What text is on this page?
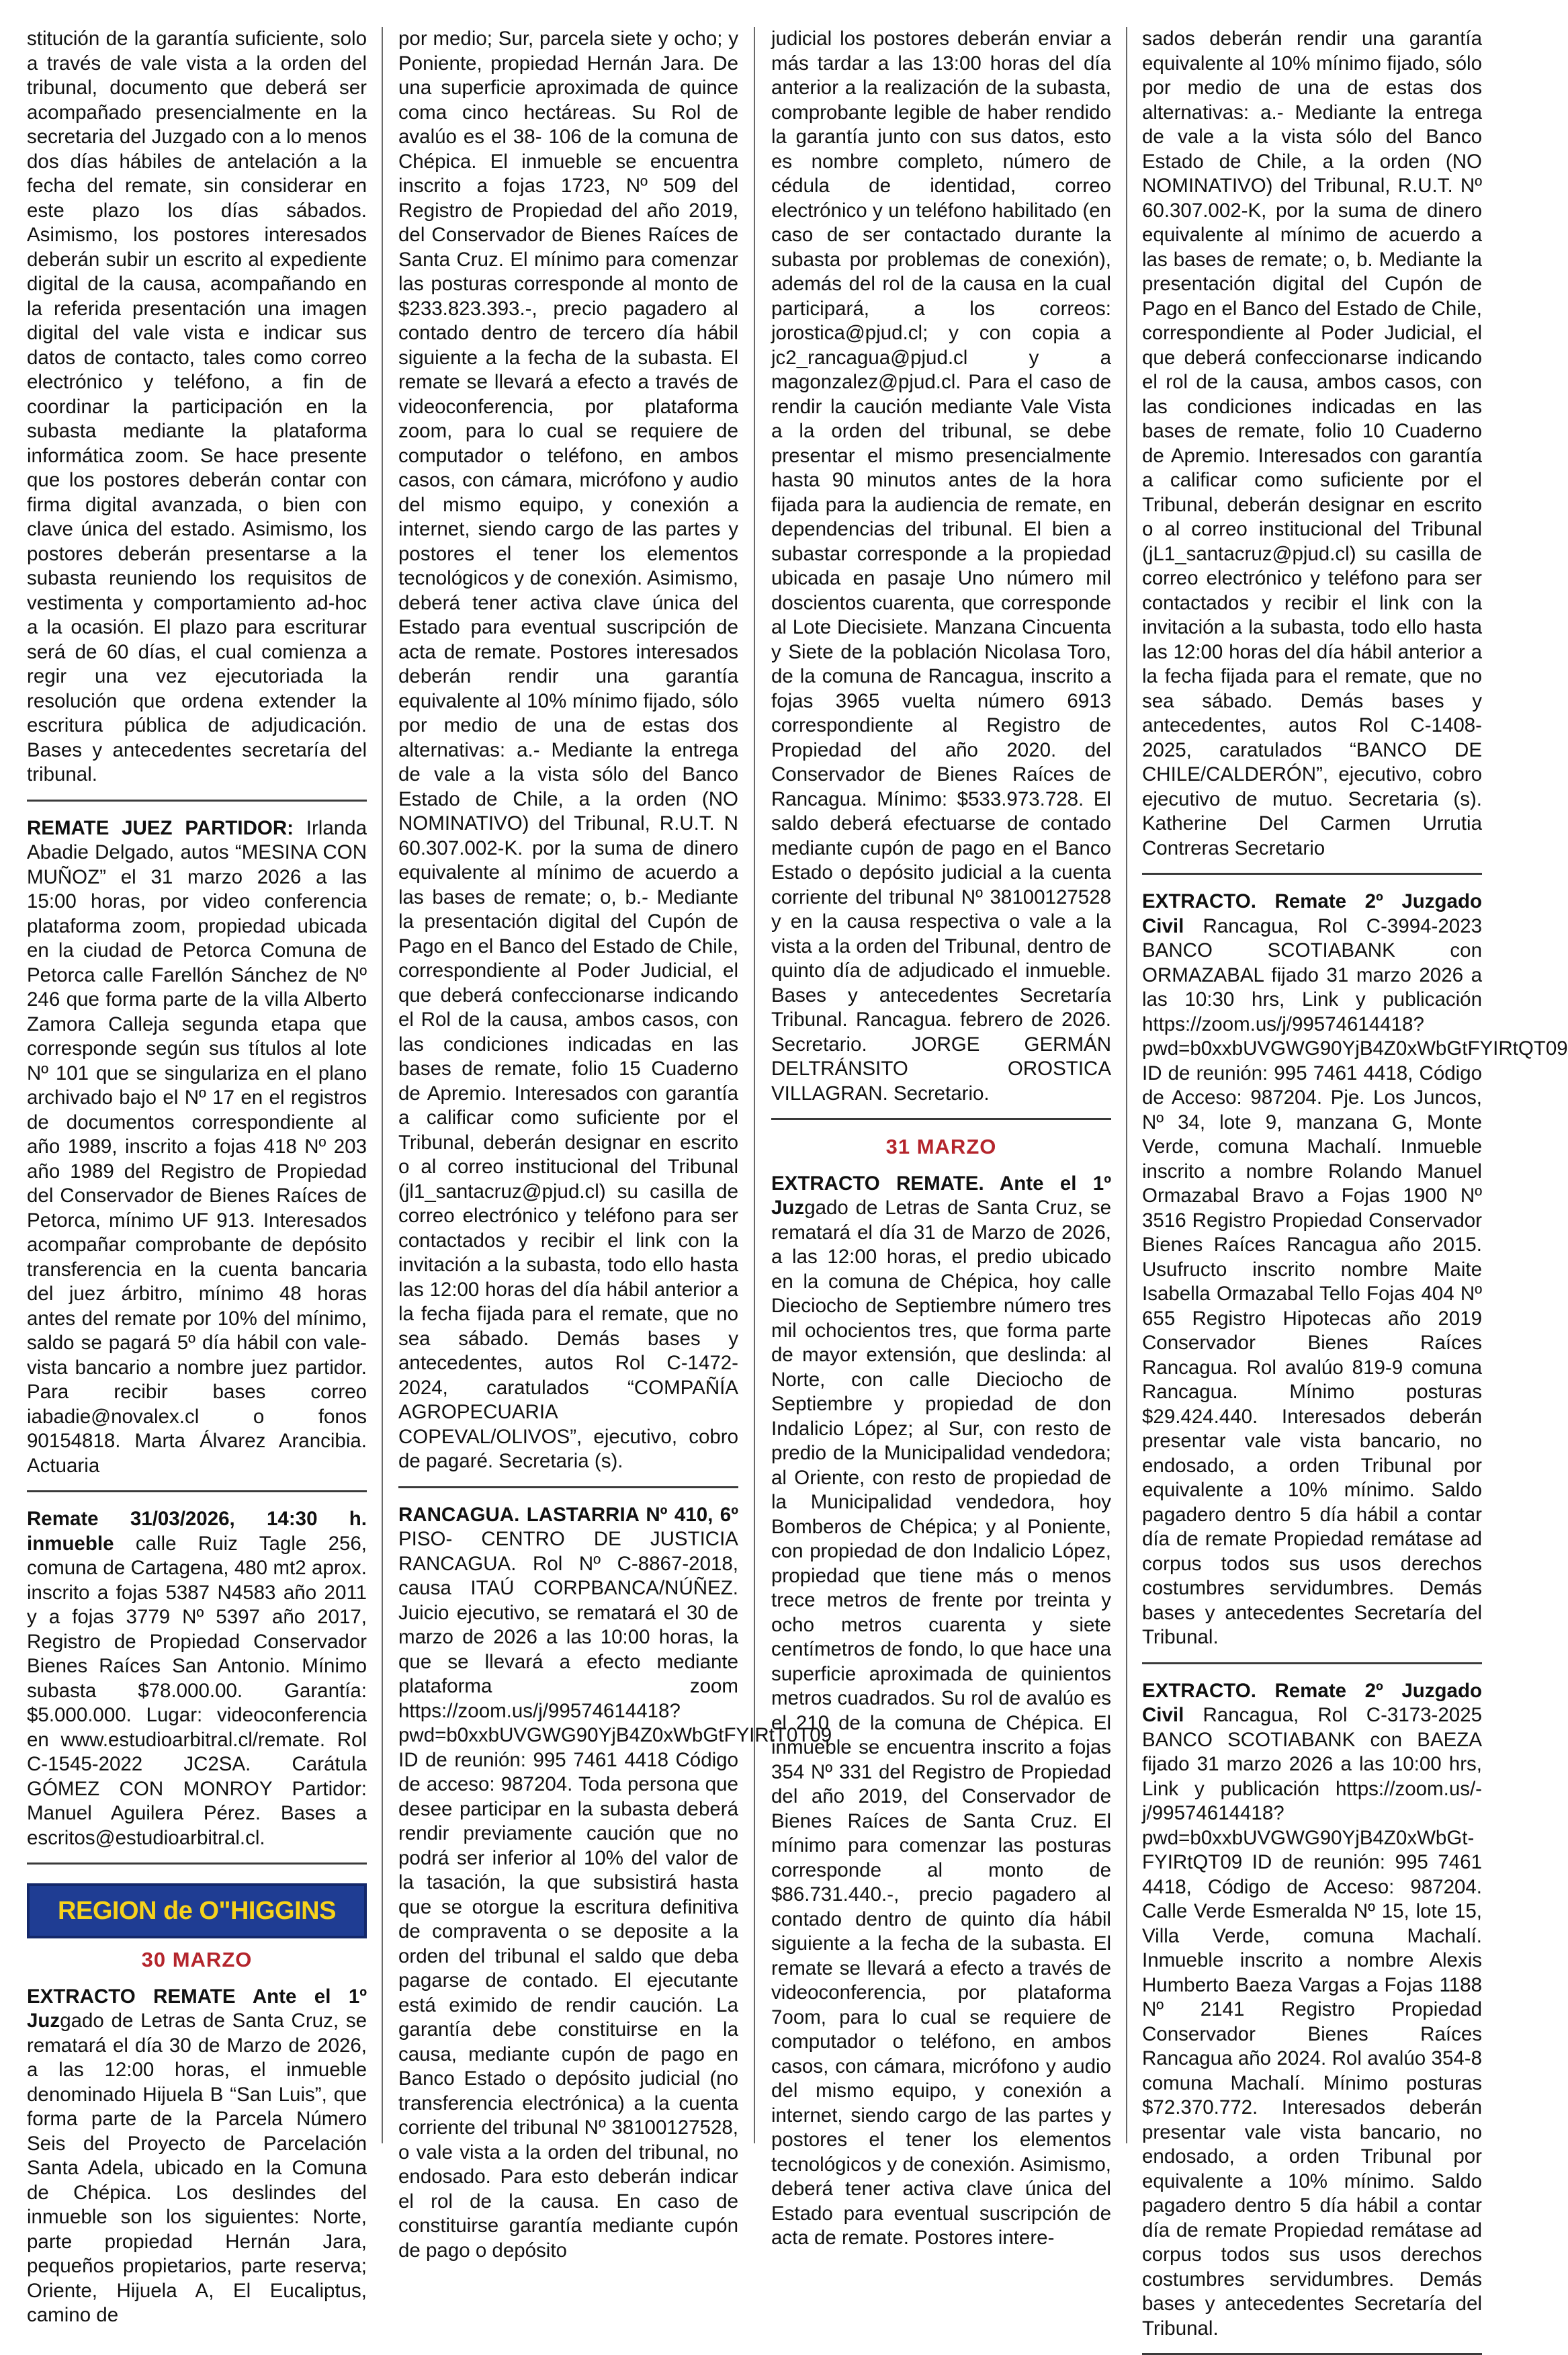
stitución de la garantía suficiente, solo a través de vale vista a la orden del tribunal, documento que deberá ser acompañado presencialmente en la secretaria del Juzgado con a lo menos dos días hábiles de antelación a la fecha del remate, sin considerar en este plazo los días sábados. Asimismo, los postores interesados deberán subir un escrito al expediente digital de la causa, acompañando en la referida presentación una imagen digital del vale vista e indicar sus datos de contacto, tales como correo electrónico y teléfono, a fin de coordinar la participación en la subasta mediante la plataforma informática zoom. Se hace presente que los postores deberán contar con firma digital avanzada, o bien con clave única del estado. Asimismo, los postores deberán presentarse a la subasta reuniendo los requisitos de vestimenta y comportamiento ad-hoc a la ocasión. El plazo para escriturar será de 60 días, el cual comienza a regir una vez ejecutoriada la resolución que ordena extender la escritura pública de adjudicación. Bases y antecedentes secretaría del tribunal.

REMATE JUEZ PARTIDOR: Irlanda Abadie Delgado, autos “MESINA CON MUÑOZ” el 31 marzo 2026 a las 15:00 horas, por video conferencia plataforma zoom, propiedad ubicada en la ciudad de Petorca Comuna de Petorca calle Farellón Sánchez de Nº 246 que forma parte de la villa Alberto Zamora Calleja segunda etapa que corresponde según sus títulos al lote Nº 101 que se singulariza en el plano archivado bajo el Nº 17 en el registros de documentos correspondiente al año 1989, inscrito a fojas 418 Nº 203 año 1989 del Registro de Propiedad del Conservador de Bienes Raíces de Petorca, mínimo UF 913. Interesados acompañar comprobante de depósito transferencia en la cuenta bancaria del juez árbitro, mínimo 48 horas antes del remate por 10% del mínimo, saldo se pagará 5º día hábil con vale-vista bancario a nombre juez partidor. Para recibir bases correo iabadie@novalex.cl o fonos 90154818. Marta Álvarez Arancibia. Actuaria

Remate 31/03/2026, 14:30 h. inmueble calle Ruiz Tagle 256, comuna de Cartagena, 480 mt2 aprox. inscrito a fojas 5387 N4583 año 2011 y a fojas 3779 Nº 5397 año 2017, Registro de Propiedad Conservador Bienes Raíces San Antonio. Mínimo subasta $78.000.00. Garantía: $5.000.000. Lugar: videoconferencia en www.estudioarbitral.cl/remate. Rol C-1545-2022 JC2SA. Carátula GÓMEZ CON MONROY Partidor: Manuel Aguilera Pérez. Bases a escritos@estudioarbitral.cl.

REGION de O"HIGGINS
30 MARZO

EXTRACTO REMATE Ante el 1º Juzgado de Letras de Santa Cruz, se rematará el día 30 de Marzo de 2026, a las 12:00 horas, el inmueble denominado Hijuela B “San Luis”, que forma parte de la Parcela Número Seis del Proyecto de Parcelación Santa Adela, ubicado en la Comuna de Chépica. Los deslindes del inmueble son los siguientes: Norte, parte propiedad Hernán Jara, pequeños propietarios, parte reserva; Oriente, Hijuela A, El Eucaliptus, camino de

por medio; Sur, parcela siete y ocho; y Poniente, propiedad Hernán Jara. De una superficie aproximada de quince coma cinco hectáreas. Su Rol de avalúo es el 38- 106 de la comuna de Chépica. El inmueble se encuentra inscrito a fojas 1723, Nº 509 del Registro de Propiedad del año 2019, del Conservador de Bienes Raíces de Santa Cruz. El mínimo para comenzar las posturas corresponde al monto de $233.823.393.-, precio pagadero al contado dentro de tercero día hábil siguiente a la fecha de la subasta. El remate se llevará a efecto a través de videoconferencia, por plataforma zoom, para lo cual se requiere de computador o teléfono, en ambos casos, con cámara, micrófono y audio del mismo equipo, y conexión a internet, siendo cargo de las partes y postores el tener los elementos tecnológicos y de conexión. Asimismo, deberá tener activa clave única del Estado para eventual suscripción de acta de remate. Postores interesados deberán rendir una garantía equivalente al 10% mínimo fijado, sólo por medio de una de estas dos alternativas: a.- Mediante la entrega de vale a la vista sólo del Banco Estado de Chile, a la orden (NO NOMINATIVO) del Tribunal, R.U.T. N 60.307.002-K. por la suma de dinero equivalente al mínimo de acuerdo a las bases de remate; o, b.- Mediante la presentación digital del Cupón de Pago en el Banco del Estado de Chile, correspondiente al Poder Judicial, el que deberá confeccionarse indicando el Rol de la causa, ambos casos, con las condiciones indicadas en las bases de remate, folio 15 Cuaderno de Apremio. Interesados con garantía a calificar como suficiente por el Tribunal, deberán designar en escrito o al correo institucional del Tribunal (jl1_santacruz@pjud.cl) su casilla de correo electrónico y teléfono para ser contactados y recibir el link con la invitación a la subasta, todo ello hasta las 12:00 horas del día hábil anterior a la fecha fijada para el remate, que no sea sábado. Demás bases y antecedentes, autos Rol C-1472-2024, caratulados “COMPAÑÍA AGROPECUARIA COPEVAL/OLIVOS”, ejecutivo, cobro de pagaré. Secretaria (s).

RANCAGUA. LASTARRIA Nº 410, 6º PISO- CENTRO DE JUSTICIA RANCAGUA. Rol Nº C-8867-2018, causa ITAÚ CORPBANCA/NÚÑEZ. Juicio ejecutivo, se rematará el 30 de marzo de 2026 a las 10:00 horas, la que se llevará a efecto mediante plataforma zoom https://zoom.us/j/99574614418?pwd=b0xxbUVGWG90YjB4Z0xWbGtFYIRtT0T09 ID de reunión: 995 7461 4418 Código de acceso: 987204. Toda persona que desee participar en la subasta deberá rendir previamente caución que no podrá ser inferior al 10% del valor de la tasación, la que subsistirá hasta que se otorgue la escritura definitiva de compraventa o se deposite a la orden del tribunal el saldo que deba pagarse de contado. El ejecutante está eximido de rendir caución. La garantía debe constituirse en la causa, mediante cupón de pago en Banco Estado o depósito judicial (no transferencia electrónica) a la cuenta corriente del tribunal Nº 38100127528, o vale vista a la orden del tribunal, no endosado. Para esto deberán indicar el rol de la causa. En caso de constituirse garantía mediante cupón de pago o depósito

judicial los postores deberán enviar a más tardar a las 13:00 horas del día anterior a la realización de la subasta, comprobante legible de haber rendido la garantía junto con sus datos, esto es nombre completo, número de cédula de identidad, correo electrónico y un teléfono habilitado (en caso de ser contactado durante la subasta por problemas de conexión), además del rol de la causa en la cual participará, a los correos: jorostica@pjud.cl; y con copia a jc2_rancagua@pjud.cl y a magonzalez@pjud.cl. Para el caso de rendir la caución mediante Vale Vista a la orden del tribunal, se debe presentar el mismo presencialmente hasta 90 minutos antes de la hora fijada para la audiencia de remate, en dependencias del tribunal. El bien a subastar corresponde a la propiedad ubicada en pasaje Uno número mil doscientos cuarenta, que corresponde al Lote Diecisiete. Manzana Cincuenta y Siete de la población Nicolasa Toro, de la comuna de Rancagua, inscrito a fojas 3965 vuelta número 6913 correspondiente al Registro de Propiedad del año 2020. del Conservador de Bienes Raíces de Rancagua. Mínimo: $533.973.728. El saldo deberá efectuarse de contado mediante cupón de pago en el Banco Estado o depósito judicial a la cuenta corriente del tribunal Nº 38100127528 y en la causa respectiva o vale a la vista a la orden del Tribunal, dentro de quinto día de adjudicado el inmueble. Bases y antecedentes Secretaría Tribunal. Rancagua. febrero de 2026. Secretario. JORGE GERMÁN DELTRÁNSITO OROSTICA VILLAGRAN. Secretario.

31 MARZO

EXTRACTO REMATE. Ante el 1º Juzgado de Letras de Santa Cruz, se rematará el día 31 de Marzo de 2026, a las 12:00 horas, el predio ubicado en la comuna de Chépica, hoy calle Dieciocho de Septiembre número tres mil ochocientos tres, que forma parte de mayor extensión, que deslinda: al Norte, con calle Dieciocho de Septiembre y propiedad de don Indalicio López; al Sur, con resto de predio de la Municipalidad vendedora; al Oriente, con resto de propiedad de la Municipalidad vendedora, hoy Bomberos de Chépica; y al Poniente, con propiedad de don Indalicio López, propiedad que tiene más o menos trece metros de frente por treinta y ocho metros cuarenta y siete centímetros de fondo, lo que hace una superficie aproximada de quinientos metros cuadrados. Su rol de avalúo es el 210 de la comuna de Chépica. El inmueble se encuentra inscrito a fojas 354 Nº 331 del Registro de Propiedad del año 2019, del Conservador de Bienes Raíces de Santa Cruz. El mínimo para comenzar las posturas corresponde al monto de $86.731.440.-, precio pagadero al contado dentro de quinto día hábil siguiente a la fecha de la subasta. El remate se llevará a efecto a través de videoconferencia, por plataforma 7oom, para lo cual se requiere de computador o teléfono, en ambos casos, con cámara, micrófono y audio del mismo equipo, y conexión a internet, siendo cargo de las partes y postores el tener los elementos tecnológicos y de conexión. Asimismo, deberá tener activa clave única del Estado para eventual suscripción de acta de remate. Postores intere-

sados deberán rendir una garantía equivalente al 10% mínimo fijado, sólo por medio de una de estas dos alternativas: a.- Mediante la entrega de vale a la vista sólo del Banco Estado de Chile, a la orden (NO NOMINATIVO) del Tribunal, R.U.T. Nº 60.307.002-K, por la suma de dinero equivalente al mínimo de acuerdo a las bases de remate; o, b. Mediante la presentación digital del Cupón de Pago en el Banco del Estado de Chile, correspondiente al Poder Judicial, el que deberá confeccionarse indicando el rol de la causa, ambos casos, con las condiciones indicadas en las bases de remate, folio 10 Cuaderno de Apremio. Interesados con garantía a calificar como suficiente por el Tribunal, deberán designar en escrito o al correo institucional del Tribunal (jL1_santacruz@pjud.cl) su casilla de correo electrónico y teléfono para ser contactados y recibir el link con la invitación a la subasta, todo ello hasta las 12:00 horas del día hábil anterior a la fecha fijada para el remate, que no sea sábado. Demás bases y antecedentes, autos Rol C-1408-2025, caratulados “BANCO DE CHILE/CALDERÓN”, ejecutivo, cobro ejecutivo de mutuo. Secretaria (s). Katherine Del Carmen Urrutia Contreras Secretario

EXTRACTO. Remate 2º Juzgado Civil Rancagua, Rol C-3994-2023 BANCO SCOTIABANK con ORMAZABAL fijado 31 marzo 2026 a las 10:30 hrs, Link y publicación https://zoom.us/j/99574614418?pwd=b0xxbUVGWG90YjB4Z0xWbGtFYIRtQT09 ID de reunión: 995 7461 4418, Código de Acceso: 987204. Pje. Los Juncos, Nº 34, lote 9, manzana G, Monte Verde, comuna Machalí. Inmueble inscrito a nombre Rolando Manuel Ormazabal Bravo a Fojas 1900 Nº 3516 Registro Propiedad Conservador Bienes Raíces Rancagua año 2015. Usufructo inscrito nombre Maite Isabella Ormazabal Tello Fojas 404 Nº 655 Registro Hipotecas año 2019 Conservador Bienes Raíces Rancagua. Rol avalúo 819-9 comuna Rancagua. Mínimo posturas $29.424.440. Interesados deberán presentar vale vista bancario, no endosado, a orden Tribunal por equivalente a 10% mínimo. Saldo pagadero dentro 5 día hábil a contar día de remate Propiedad remátase ad corpus todos sus usos derechos costumbres servidumbres. Demás bases y antecedentes Secretaría del Tribunal.

EXTRACTO. Remate 2º Juzgado Civil Rancagua, Rol C-3173-2025 BANCO SCOTIABANK con BAEZA fijado 31 marzo 2026 a las 10:00 hrs, Link y publicación https://zoom.us/-j/99574614418?pwd=b0xxbUVGWG90YjB4Z0xWbGt-FYIRtQT09 ID de reunión: 995 7461 4418, Código de Acceso: 987204. Calle Verde Esmeralda Nº 15, lote 15, Villa Verde, comuna Machalí. Inmueble inscrito a nombre Alexis Humberto Baeza Vargas a Fojas 1188 Nº 2141 Registro Propiedad Conservador Bienes Raíces Rancagua año 2024. Rol avalúo 354-8 comuna Machalí. Mínimo posturas $72.370.772. Interesados deberán presentar vale vista bancario, no endosado, a orden Tribunal por equivalente a 10% mínimo. Saldo pagadero dentro 5 día hábil a contar día de remate Propiedad remátase ad corpus todos sus usos derechos costumbres servidumbres. Demás bases y antecedentes Secretaría del Tribunal.
